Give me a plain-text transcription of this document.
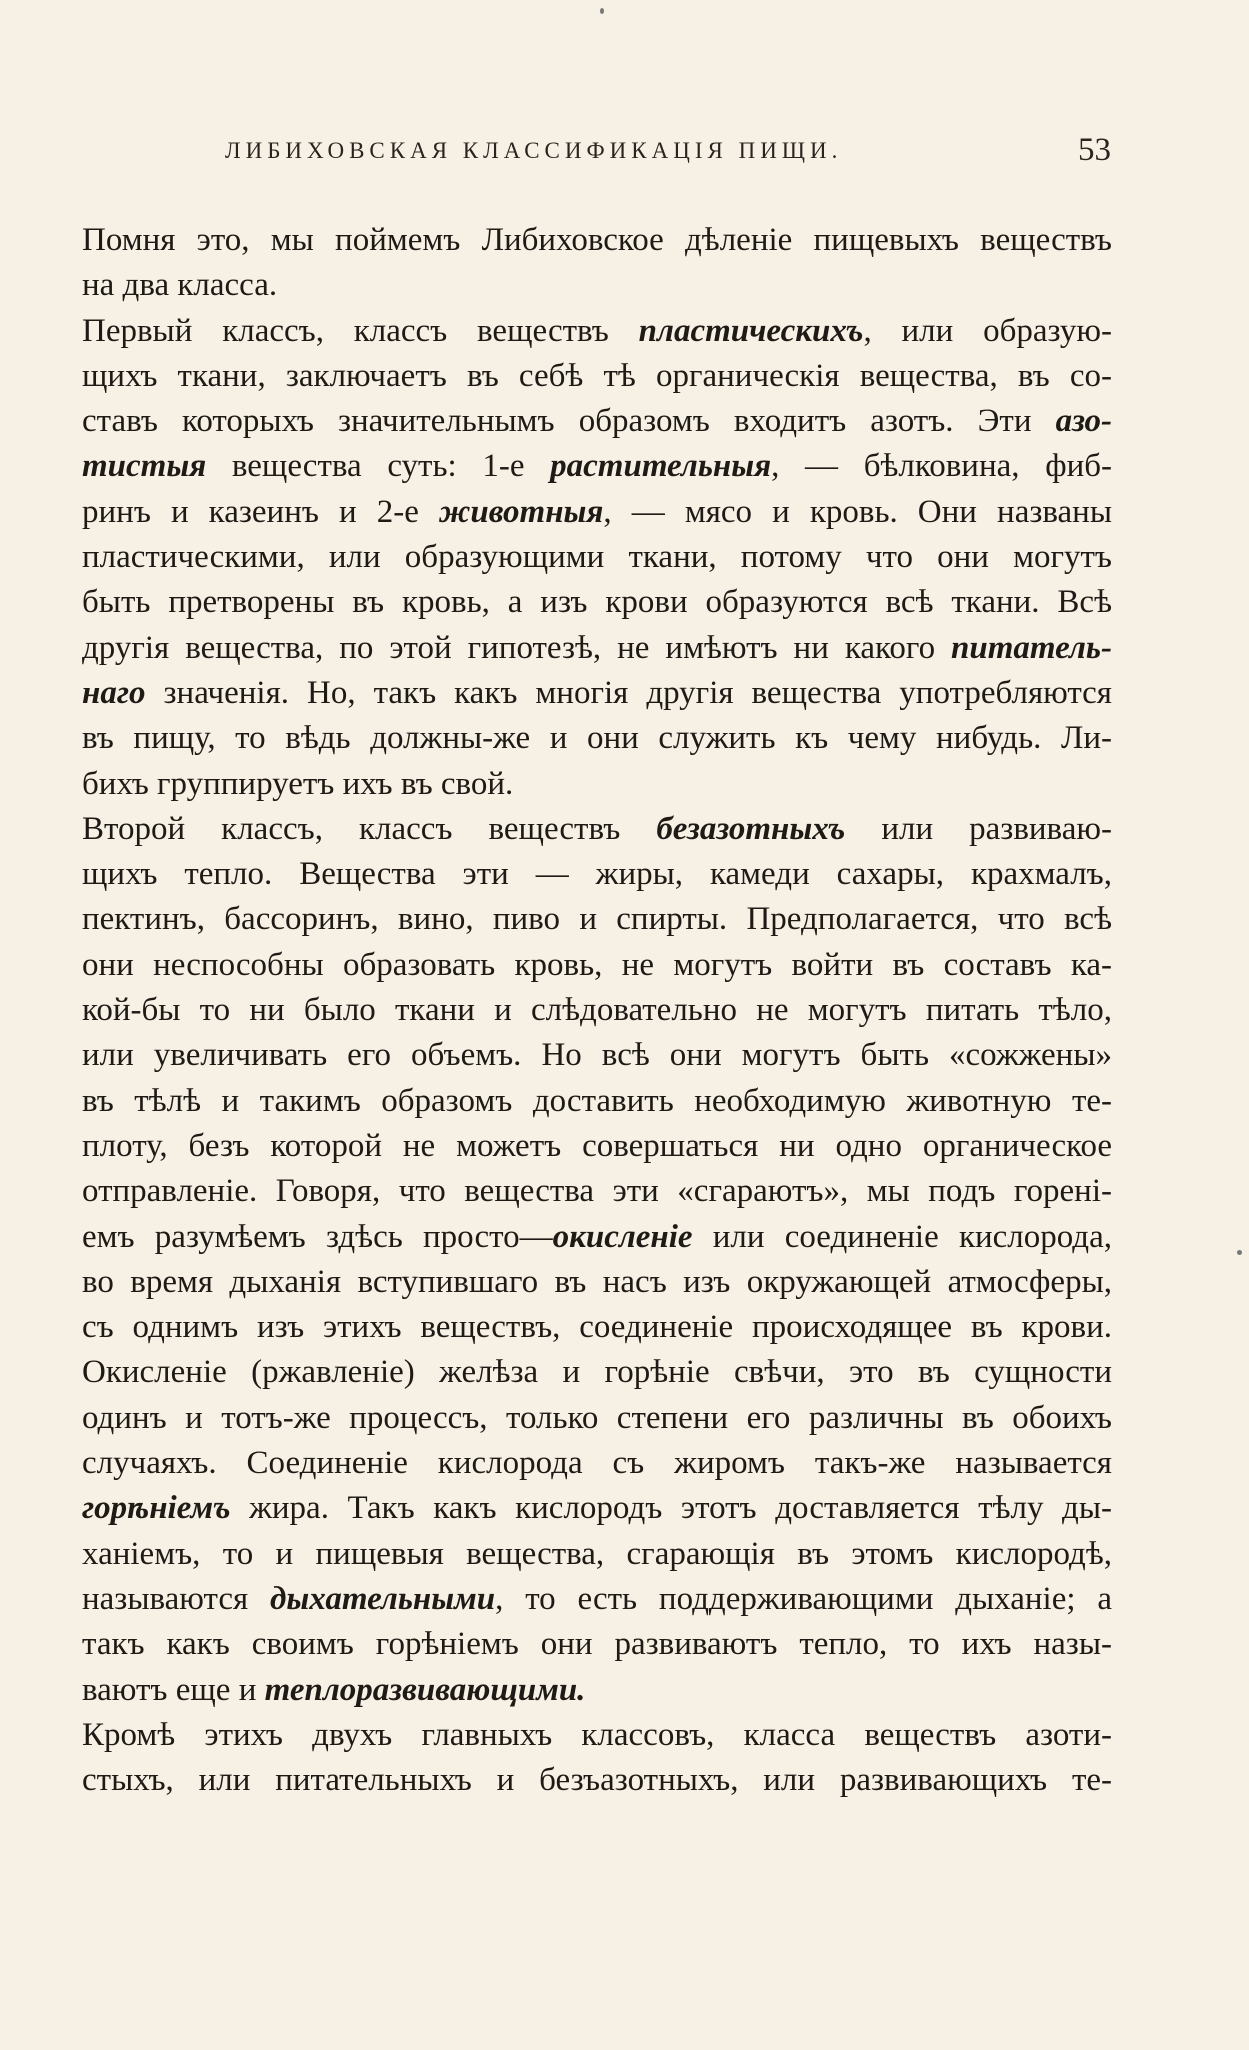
ЛИБИХОВСКАЯ КЛАССИФИКАЦІЯ ПИЩИ.	53
Помня это, мы поймемъ Либиховское дѣленіе пищевыхъ веществъ
на два класса.
Первый классъ, классъ веществъ пластическихъ, или образую-
щихъ ткани, заключаетъ въ себѣ тѣ органическія вещества, въ со-
ставъ которыхъ значительнымъ образомъ входитъ азотъ. Эти азо-
тистыя вещества суть: 1-е растительныя, — бѣлковина, фиб-
ринъ и казеинъ и 2-е животныя, — мясо и кровь. Они названы
пластическими, или образующими ткани, потому что они могутъ
быть претворены въ кровь, а изъ крови образуются всѣ ткани. Всѣ
другія вещества, по этой гипотезѣ, не имѣютъ ни какого питатель-
наго значенія. Но, такъ какъ многія другія вещества употребляются
въ пищу, то вѣдь должны-же и они служить къ чему нибудь. Ли-
бихъ группируетъ ихъ въ свой.
Второй классъ, классъ веществъ безазотныхъ или развиваю-
щихъ тепло. Вещества эти — жиры, камеди сахары, крахмалъ,
пектинъ, бассоринъ, вино, пиво и спирты. Предполагается, что всѣ
они неспособны образовать кровь, не могутъ войти въ составъ ка-
кой-бы то ни было ткани и слѣдовательно не могутъ питать тѣло,
или увеличивать его объемъ. Но всѣ они могутъ быть «сожжены»
въ тѣлѣ и такимъ образомъ доставить необходимую животную те-
плоту, безъ которой не можетъ совершаться ни одно органическое
отправленіе. Говоря, что вещества эти «сгараютъ», мы подъ горені-
емъ разумѣемъ здѣсь просто—окисленіе или соединеніе кислорода,
во время дыханія вступившаго въ насъ изъ окружающей атмосферы,
съ однимъ изъ этихъ веществъ, соединеніе происходящее въ крови.
Окисленіе (ржавленіе) желѣза и горѣніе свѣчи, это въ сущности
одинъ и тотъ-же процессъ, только степени его различны въ обоихъ
случаяхъ. Соединеніе кислорода съ жиромъ такъ-же называется
горѣніемъ жира. Такъ какъ кислородъ этотъ доставляется тѣлу ды-
ханіемъ, то и пищевыя вещества, сгарающія въ этомъ кислородѣ,
называются дыхательными, то есть поддерживающими дыханіе; а
такъ какъ своимъ горѣніемъ они развиваютъ тепло, то ихъ назы-
ваютъ еще и теплоразвивающими.
Кромѣ этихъ двухъ главныхъ классовъ, класса веществъ азоти-
стыхъ, или питательныхъ и безъазотныхъ, или развивающихъ те-
